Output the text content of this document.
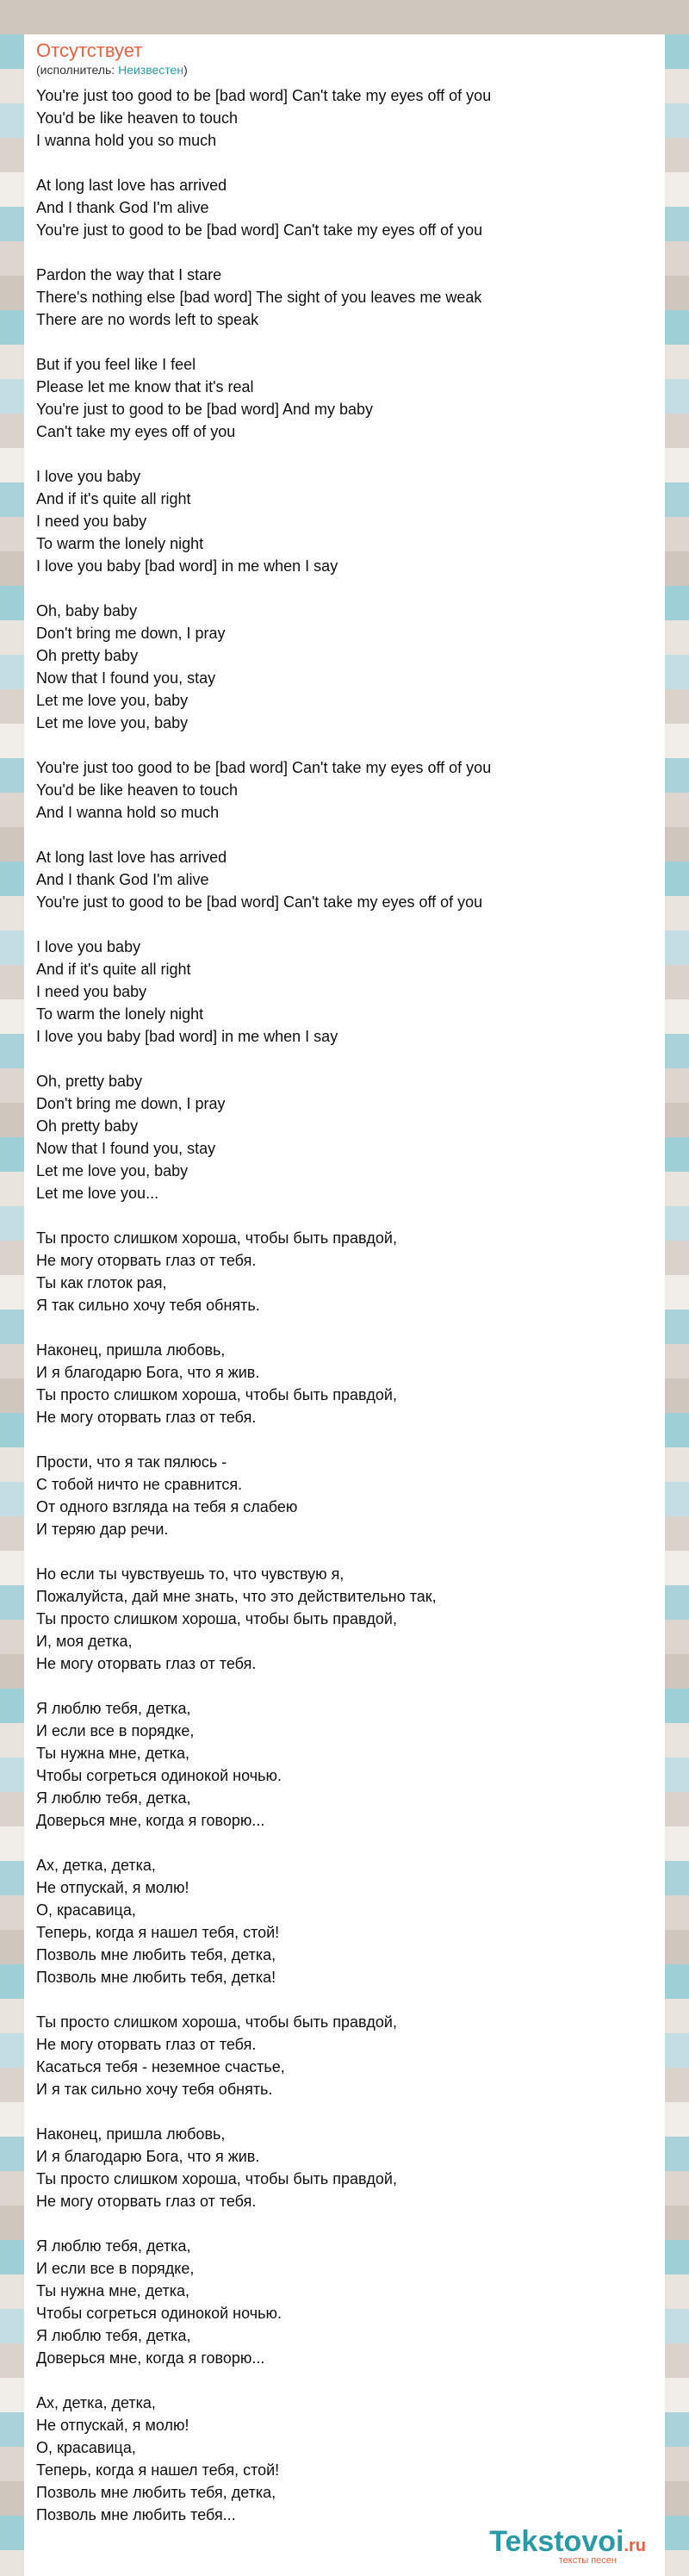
Отсутствует
(исполнитель: Неизвестен)
You're just too good to be [bad word] Can't take my eyes off of you
You'd be like heaven to touch
I wanna hold you so much
At long last love has arrived
And I thank God I'm alive
You're just to good to be [bad word] Can't take my eyes off of you
Pardon the way that I stare
There's nothing else [bad word] The sight of you leaves me weak
There are no words left to speak
But if you feel like I feel
Please let me know that it's real
You're just to good to be [bad word] And my baby
Can't take my eyes off of you
I love you baby
And if it's quite all right
I need you baby
To warm the lonely night
I love you baby [bad word] in me when I say
Oh, baby baby
Don't bring me down, I pray
Oh pretty baby
Now that I found you, stay
Let me love you, baby
Let me love you, baby
You're just too good to be [bad word] Can't take my eyes off of you
You'd be like heaven to touch
And I wanna hold so much
At long last love has arrived
And I thank God I'm alive
You're just to good to be [bad word] Can't take my eyes off of you
I love you baby
And if it's quite all right
I need you baby
To warm the lonely night
I love you baby [bad word] in me when I say
Oh, pretty baby
Don't bring me down, I pray
Oh pretty baby
Now that I found you, stay
Let me love you, baby
Let me love you...
Ты просто слишком хороша, чтобы быть правдой,
Не могу оторвать глаз от тебя.
Ты как глоток рая,
Я так сильно хочу тебя обнять.
Наконец, пришла любовь,
И я благодарю Бога, что я жив.
Ты просто слишком хороша, чтобы быть правдой,
Не могу оторвать глаз от тебя.
Прости, что я так пялюсь -
С тобой ничто не сравнится.
От одного взгляда на тебя я слабею
И теряю дар речи.
Но если ты чувствуешь то, что чувствую я,
Пожалуйста, дай мне знать, что это действительно так,
Ты просто слишком хороша, чтобы быть правдой,
И, моя детка,
Не могу оторвать глаз от тебя.
Я люблю тебя, детка,
И если все в порядке,
Ты нужна мне, детка,
Чтобы согреться одинокой ночью.
Я люблю тебя, детка,
Доверься мне, когда я говорю...
Ах, детка, детка,
Не отпускай, я молю!
О, красавица,
Теперь, когда я нашел тебя, стой!
Позволь мне любить тебя, детка,
Позволь мне любить тебя, детка!
Ты просто слишком хороша, чтобы быть правдой,
Не могу оторвать глаз от тебя.
Касаться тебя - неземное счастье,
И я так сильно хочу тебя обнять.
Наконец, пришла любовь,
И я благодарю Бога, что я жив.
Ты просто слишком хороша, чтобы быть правдой,
Не могу оторвать глаз от тебя.
Я люблю тебя, детка,
И если все в порядке,
Ты нужна мне, детка,
Чтобы согреться одинокой ночью.
Я люблю тебя, детка,
Доверься мне, когда я говорю...
Ах, детка, детка,
Не отпускай, я молю!
О, красавица,
Теперь, когда я нашел тебя, стой!
Позволь мне любить тебя, детка,
Позволь мне любить тебя...
Tekstovoi.ru
тексты песен
